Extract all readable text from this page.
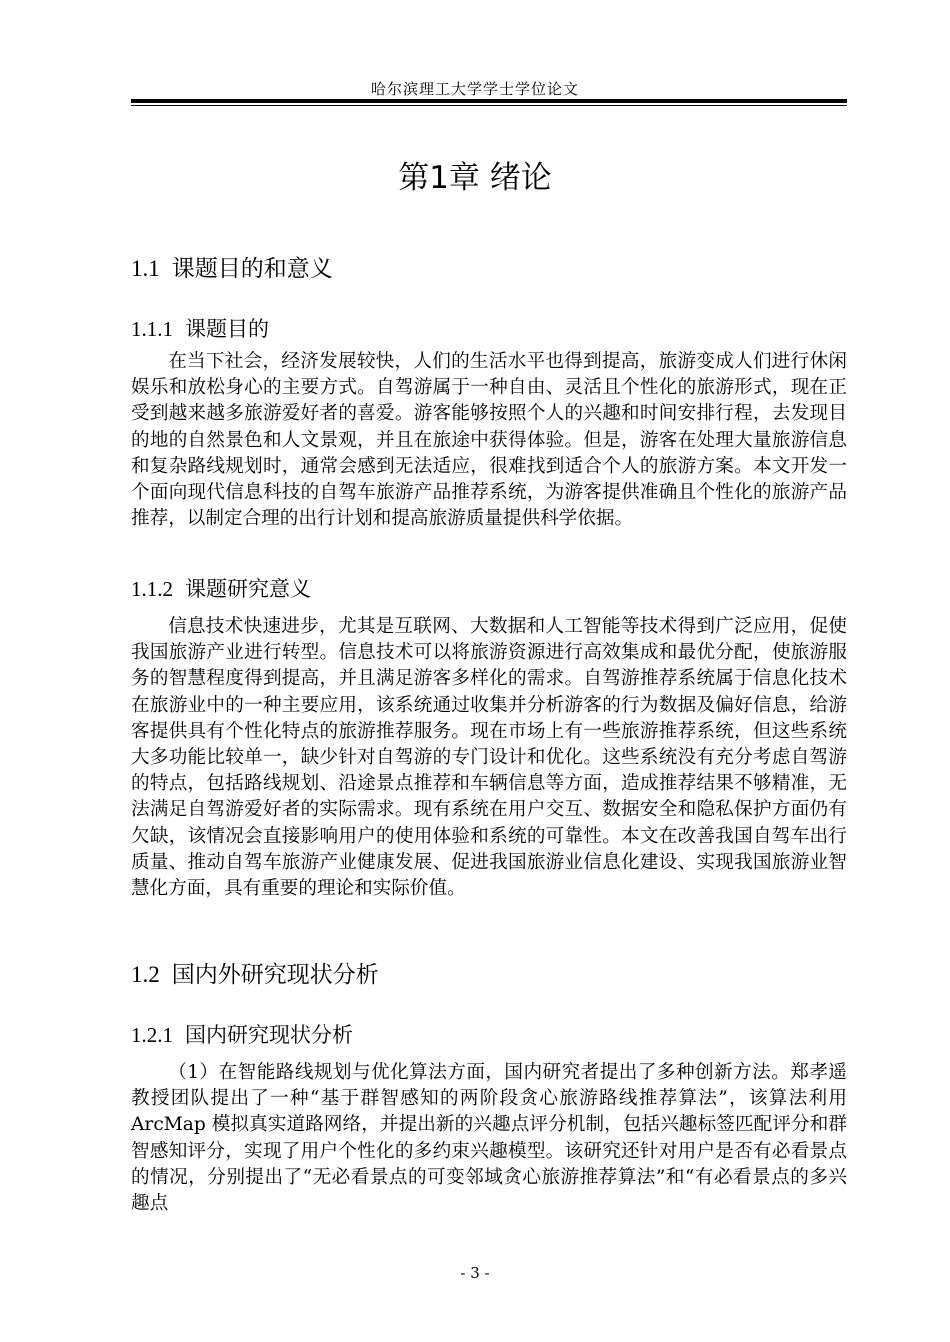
哈尔滨理工大学学士学位论文
第1章 绪论
1.1 课题目的和意义
1.1.1 课题目的

在当下社会，经济发展较快，人们的生活水平也得到提高，旅游变成人们进行休闲娱乐和放松身心的主要方式。自驾游属于一种自由、灵活且个性化的旅游形式，现在正受到越来越多旅游爱好者的喜爱。游客能够按照个人的兴趣和时间安排行程，去发现目的地的自然景色和人文景观，并且在旅途中获得体验。但是，游客在处理大量旅游信息和复杂路线规划时，通常会感到无法适应，很难找到适合个人的旅游方案。本文开发一个面向现代信息科技的自驾车旅游产品推荐系统，为游客提供准确且个性化的旅游产品推荐，以制定合理的出行计划和提高旅游质量提供科学依据。

1.1.2 课题研究意义

信息技术快速进步，尤其是互联网、大数据和人工智能等技术得到广泛应用，促使我国旅游产业进行转型。信息技术可以将旅游资源进行高效集成和最优分配，使旅游服务的智慧程度得到提高，并且满足游客多样化的需求。自驾游推荐系统属于信息化技术在旅游业中的一种主要应用，该系统通过收集并分析游客的行为数据及偏好信息，给游客提供具有个性化特点的旅游推荐服务。现在市场上有一些旅游推荐系统，但这些系统大多功能比较单一，缺少针对自驾游的专门设计和优化。这些系统没有充分考虑自驾游的特点，包括路线规划、沿途景点推荐和车辆信息等方面，造成推荐结果不够精准，无法满足自驾游爱好者的实际需求。现有系统在用户交互、数据安全和隐私保护方面仍有欠缺，该情况会直接影响用户的使用体验和系统的可靠性。本文在改善我国自驾车出行质量、推动自驾车旅游产业健康发展、促进我国旅游业信息化建设、实现我国旅游业智慧化方面，具有重要的理论和实际价值。

1.2 国内外研究现状分析
1.2.1 国内研究现状分析

（1）在智能路线规划与优化算法方面，国内研究者提出了多种创新方法。郑孝遥教授团队提出了一种“基于群智感知的两阶段贪心旅游路线推荐算法”，该算法利用 ArcMap 模拟真实道路网络，并提出新的兴趣点评分机制，包括兴趣标签匹配评分和群智感知评分，实现了用户个性化的多约束兴趣模型。该研究还针对用户是否有必看景点的情况，分别提出了“无必看景点的可变邻域贪心旅游推荐算法”和“有必看景点的多兴趣点

- 3 -
